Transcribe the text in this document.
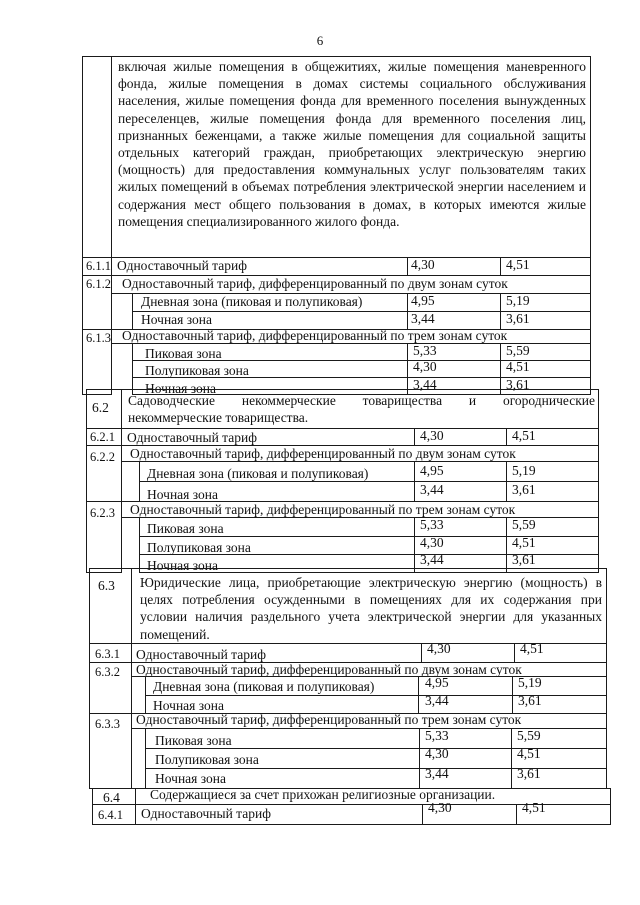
6
включая жилые помещения в общежитиях, жилые помещения маневренного фонда, жилые помещения в домах системы социального обслуживания населения, жилые помещения фонда для временного поселения вынужденных переселенцев, жилые помещения фонда для временного поселения лиц, признанных беженцами, а также жилые помещения для социальной защиты отдельных категорий граждан, приобретающих электрическую энергию (мощность) для предоставления коммунальных услуг пользователям таких жилых помещений в объемах потребления электрической энергии населением и содержания мест общего пользования в домах, в которых имеются жилые помещения специализированного жилого фонда.
6.1.1 Одноставочный тариф	4,30	4,51
6.1.2 Одноставочный тариф, дифференцированный по двум зонам суток
Дневная зона (пиковая и полупиковая)	4,95	5,19
Ночная зона	3,44	3,61
6.1.3 Одноставочный тариф, дифференцированный по трем зонам суток
Пиковая зона	5,33	5,59
Полупиковая зона	4,30	4,51
Ночная зона	3,44	3,61
6.2 Садоводческие некоммерческие товарищества и огороднические некоммерческие товарищества.
6.2.1 Одноставочный тариф	4,30	4,51
6.2.2 Одноставочный тариф, дифференцированный по двум зонам суток
Дневная зона (пиковая и полупиковая)	4,95	5,19
Ночная зона	3,44	3,61
6.2.3 Одноставочный тариф, дифференцированный по трем зонам суток
Пиковая зона	5,33	5,59
Полупиковая зона	4,30	4,51
Ночная зона	3,44	3,61
6.3 Юридические лица, приобретающие электрическую энергию (мощность) в целях потребления осужденными в помещениях для их содержания при условии наличия раздельного учета электрической энергии для указанных помещений.
6.3.1 Одноставочный тариф	4,30	4,51
6.3.2 Одноставочный тариф, дифференцированный по двум зонам суток
Дневная зона (пиковая и полупиковая)	4,95	5,19
Ночная зона	3,44	3,61
6.3.3 Одноставочный тариф, дифференцированный по трем зонам суток
Пиковая зона	5,33	5,59
Полупиковая зона	4,30	4,51
Ночная зона	3,44	3,61
6.4 Содержащиеся за счет прихожан религиозные организации.
6.4.1 Одноставочный тариф	4,30	4,51
